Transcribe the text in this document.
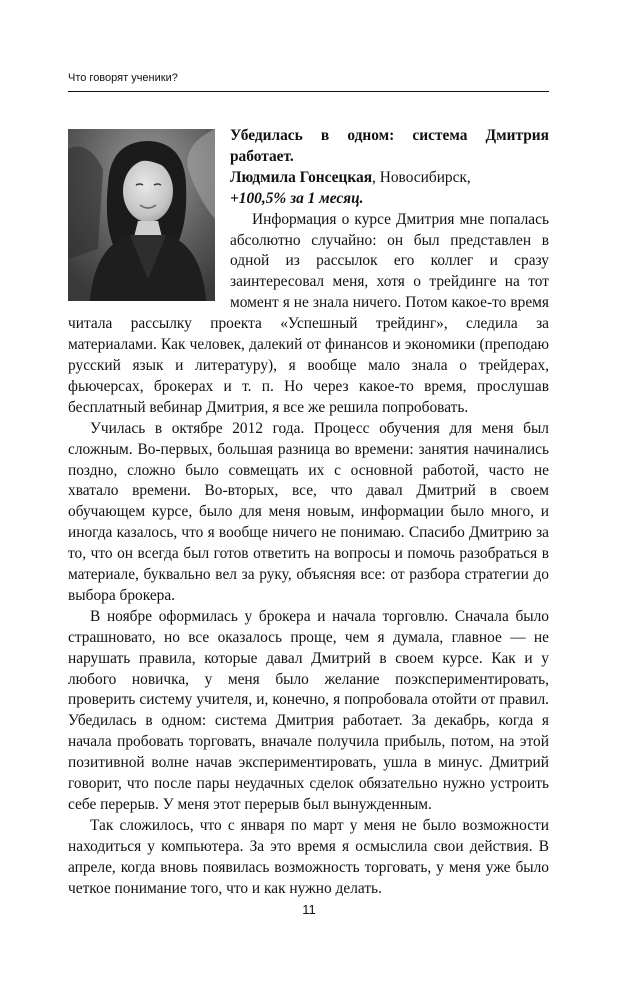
Что говорят ученики?
Убедилась в одном: система Дмитрия работает.
Людмила Гонсецкая, Новосибирск,
+100,5% за 1 месяц.

Информация о курсе Дмитрия мне попалась абсолютно случайно: он был представлен в одной из рассылок его коллег и сразу заинтересовал меня, хотя о трейдинге на тот момент я не знала ничего. Потом какое-то время читала рассылку проекта «Успешный трейдинг», следила за материалами. Как человек, далекий от финансов и экономики (преподаю русский язык и литературу), я вообще мало знала о трейдерах, фьючерсах, брокерах и т. п. Но через какое-то время, прослушав бесплатный вебинар Дмитрия, я все же решила попробовать.

Училась в октябре 2012 года. Процесс обучения для меня был сложным. Во-первых, большая разница во времени: занятия начинались поздно, сложно было совмещать их с основной работой, часто не хватало времени. Во-вторых, все, что давал Дмитрий в своем обучающем курсе, было для меня новым, информации было много, и иногда казалось, что я вообще ничего не понимаю. Спасибо Дмитрию за то, что он всегда был готов ответить на вопросы и помочь разобраться в материале, буквально вел за руку, объясняя все: от разбора стратегии до выбора брокера.

В ноябре оформилась у брокера и начала торговлю. Сначала было страшновато, но все оказалось проще, чем я думала, главное — не нарушать правила, которые давал Дмитрий в своем курсе. Как и у любого новичка, у меня было желание поэкспериментировать, проверить систему учителя, и, конечно, я попробовала отойти от правил. Убедилась в одном: система Дмитрия работает. За декабрь, когда я начала пробовать торговать, вначале получила прибыль, потом, на этой позитивной волне начав экспериментировать, ушла в минус. Дмитрий говорит, что после пары неудачных сделок обязательно нужно устроить себе перерыв. У меня этот перерыв был вынужденным.

Так сложилось, что с января по март у меня не было возможности находиться у компьютера. За это время я осмыслила свои действия. В апреле, когда вновь появилась возможность торговать, у меня уже было четкое понимание того, что и как нужно делать.

11
